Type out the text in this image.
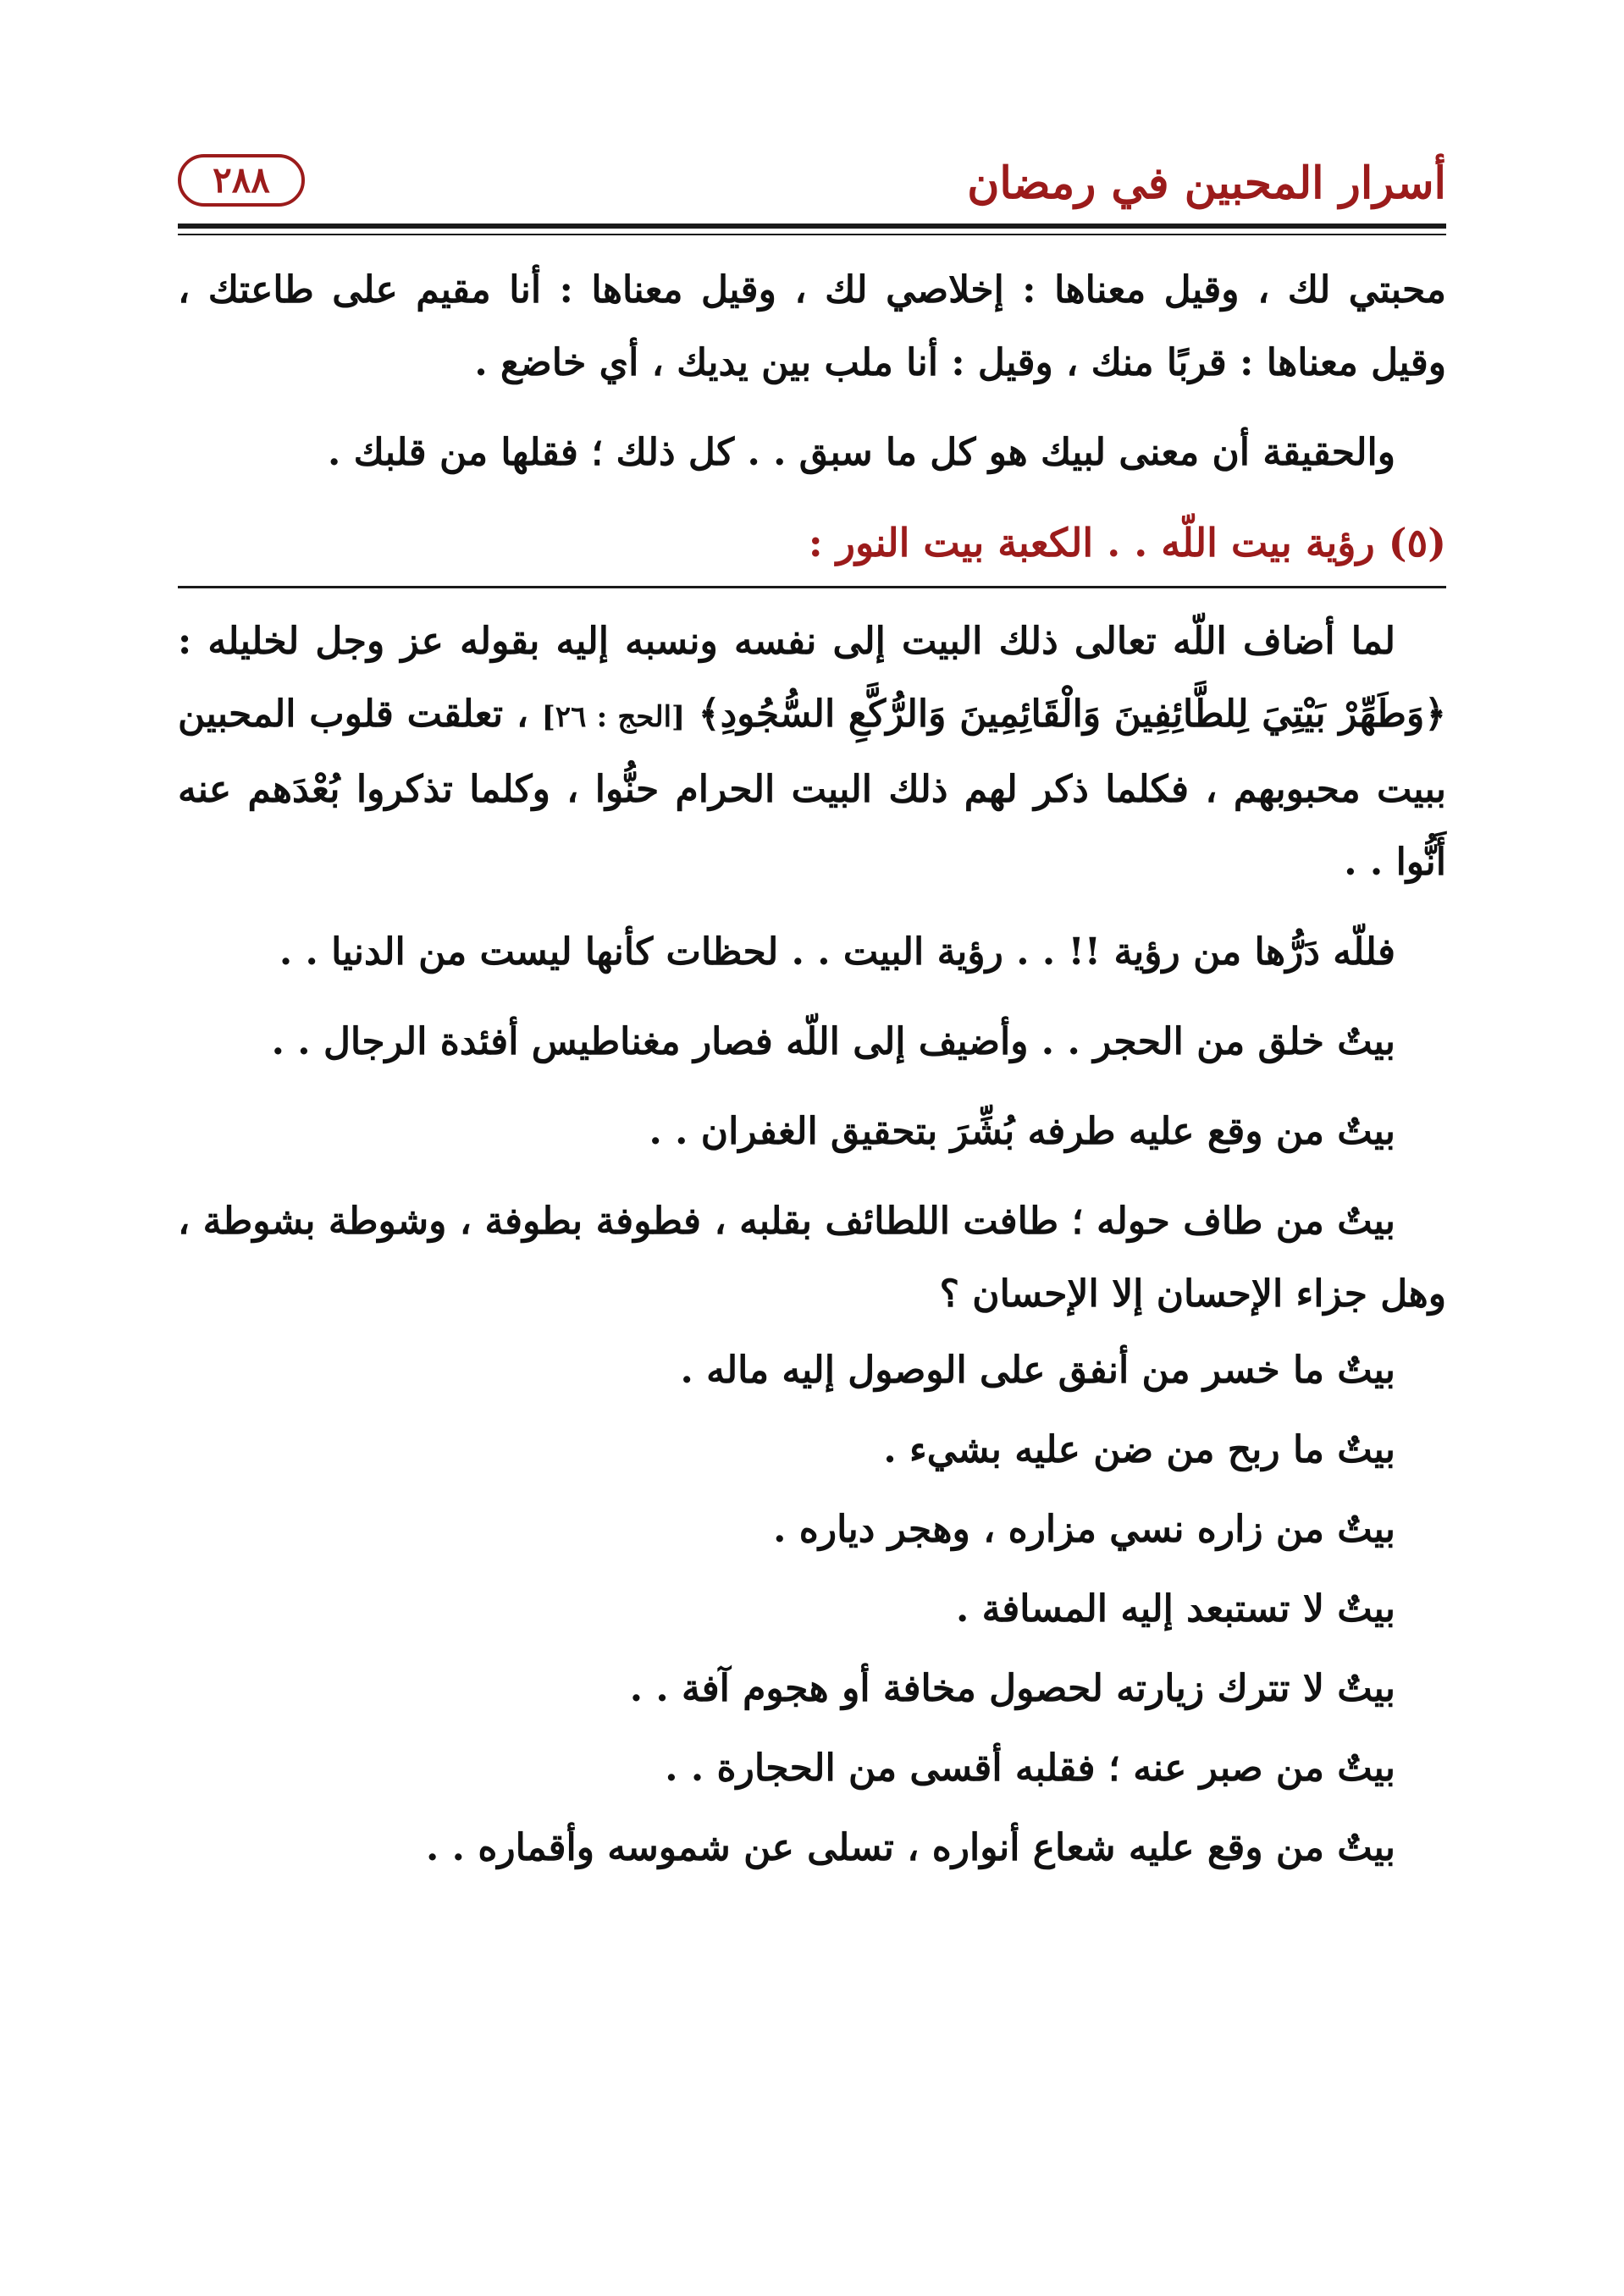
أسرار المحبين في رمضان
٢٨٨

محبتي لك ، وقيل معناها : إخلاصي لك ، وقيل معناها : أنا مقيم على طاعتك ، وقيل معناها : قربًا منك ، وقيل : أنا ملب بين يديك ، أي خاضع .

والحقيقة أن معنى لبيك هو كل ما سبق . . كل ذلك ؛ فقلها من قلبك .

(٥) رؤية بيت اللّه . . الكعبة بيت النور :

لما أضاف اللّه تعالى ذلك البيت إلى نفسه ونسبه إليه بقوله عز وجل لخليله : ﴿وَطَهِّرْ بَيْتِيَ لِلطَّائِفِينَ وَالْقَائِمِينَ وَالرُّكَّعِ السُّجُودِ﴾ [الحج : ٢٦] ، تعلقت قلوب المحبين ببيت محبوبهم ، فكلما ذكر لهم ذلك البيت الحرام حنُّوا ، وكلما تذكروا بُعْدَهم عنه أَنُّوا . .

فللّه دَرُّها من رؤية !! . . رؤية البيت . . لحظات كأنها ليست من الدنيا . .

بيتٌ خلق من الحجر . . وأضيف إلى اللّه فصار مغناطيس أفئدة الرجال . .

بيتٌ من وقع عليه طرفه بُشِّرَ بتحقيق الغفران . .

بيتٌ من طاف حوله ؛ طافت اللطائف بقلبه ، فطوفة بطوفة ، وشوطة بشوطة ، وهل جزاء الإحسان إلا الإحسان ؟

بيتٌ ما خسر من أنفق على الوصول إليه ماله .

بيتٌ ما ربح من ضن عليه بشيء .

بيتٌ من زاره نسي مزاره ، وهجر دياره .

بيتٌ لا تستبعد إليه المسافة .

بيتٌ لا تترك زيارته لحصول مخافة أو هجوم آفة . .

بيتٌ من صبر عنه ؛ فقلبه أقسى من الحجارة . .

بيتٌ من وقع عليه شعاع أنواره ، تسلى عن شموسه وأقماره . .
